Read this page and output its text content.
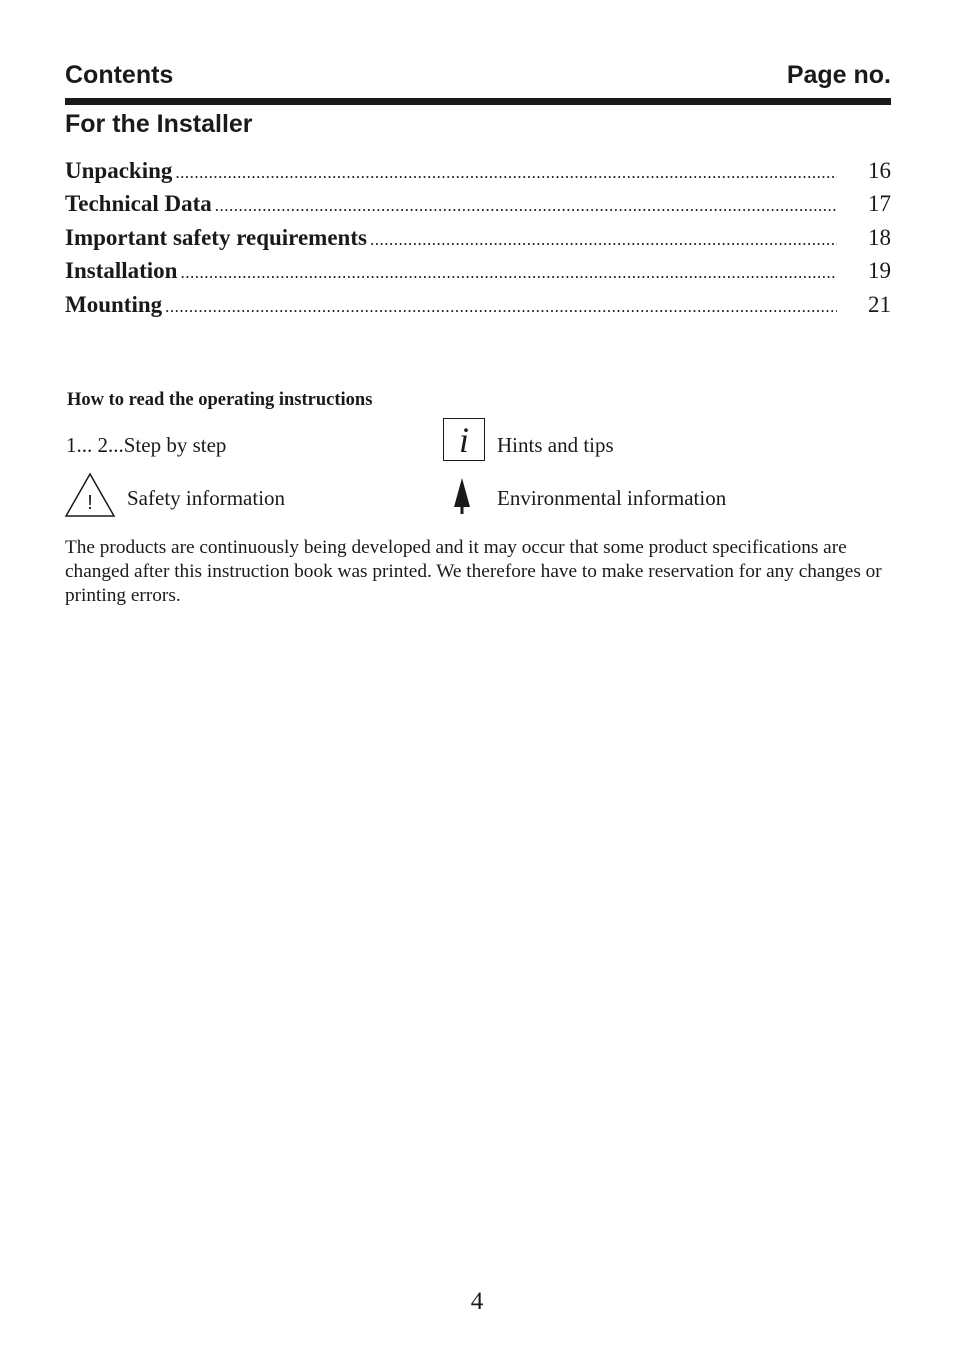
Contents	Page no.
For the Installer
Unpacking .....	16
Technical Data .....	17
Important safety requirements .....	18
Installation .....	19
Mounting .....	21
How to read the operating instructions
1... 2...Step by step	i	Hints and tips
! Safety information	Environmental information
The products are continuously being developed and it may occur that some product specifications are changed after this instruction book was printed. We therefore have to make reservation for any changes or printing errors.
4
